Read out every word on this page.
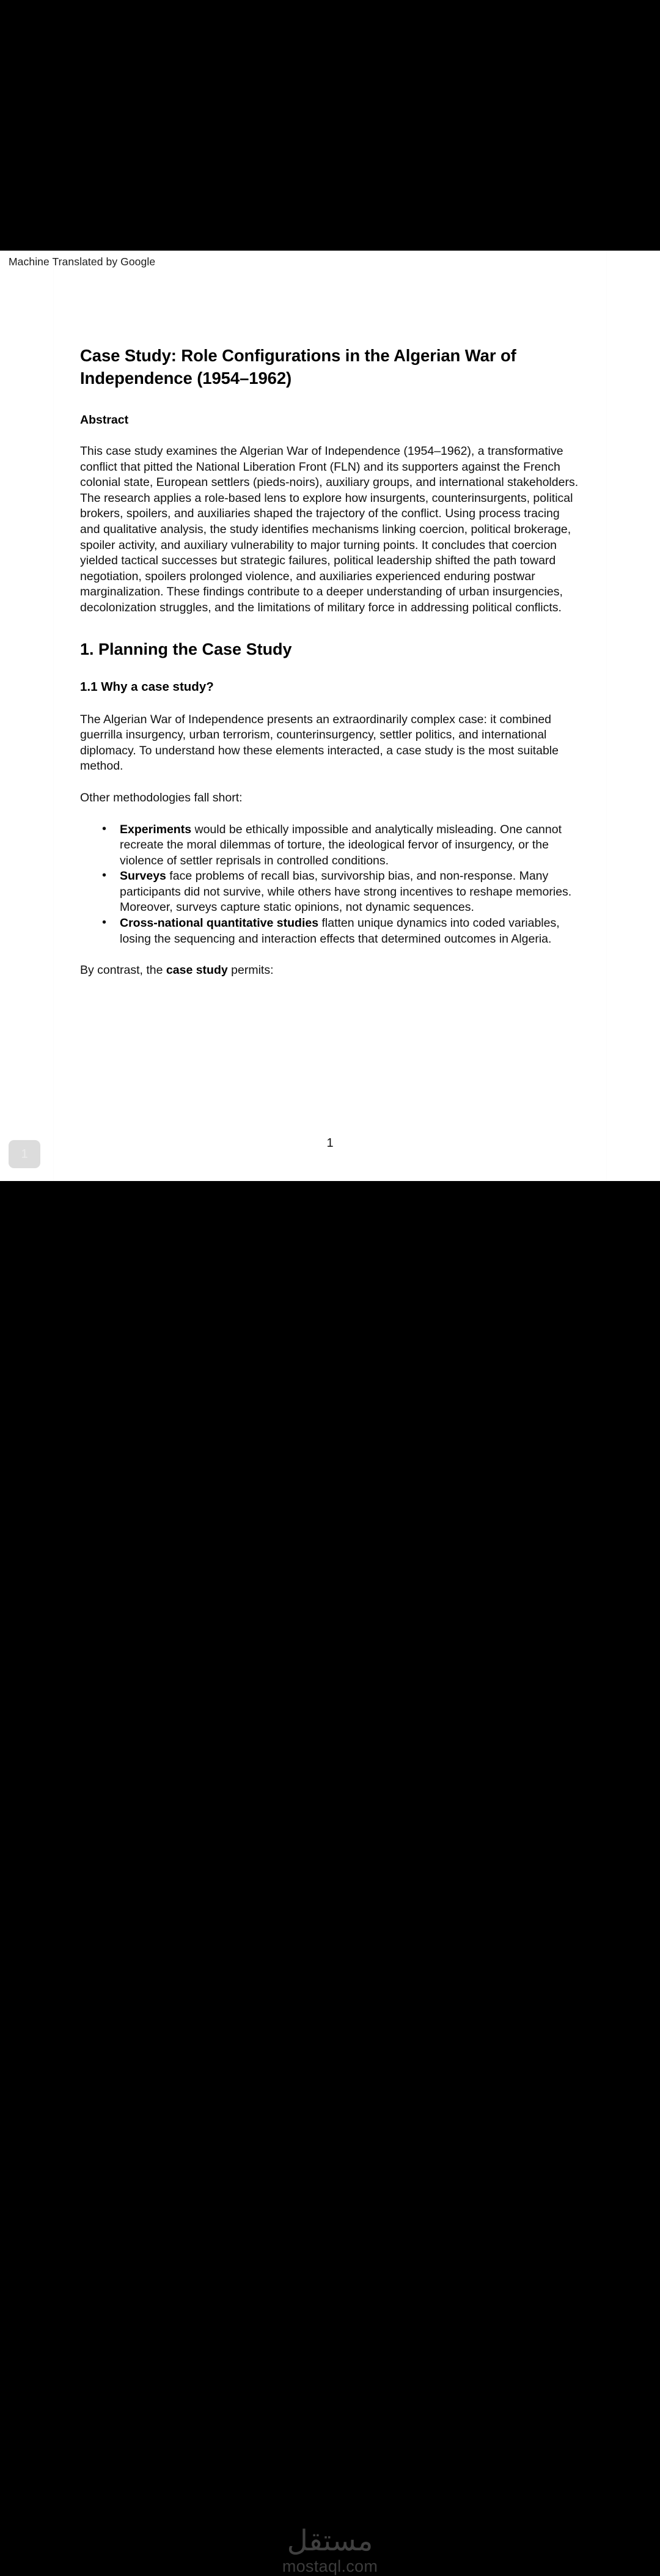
Machine Translated by Google
Case Study: Role Configurations in the Algerian War of Independence (1954–1962)
Abstract

This case study examines the Algerian War of Independence (1954–1962), a transformative conflict that pitted the National Liberation Front (FLN) and its supporters against the French colonial state, European settlers (pieds-noirs), auxiliary groups, and international stakeholders. The research applies a role-based lens to explore how insurgents, counterinsurgents, political brokers, spoilers, and auxiliaries shaped the trajectory of the conflict. Using process tracing and qualitative analysis, the study identifies mechanisms linking coercion, political brokerage, spoiler activity, and auxiliary vulnerability to major turning points. It concludes that coercion yielded tactical successes but strategic failures, political leadership shifted the path toward negotiation, spoilers prolonged violence, and auxiliaries experienced enduring postwar marginalization. These findings contribute to a deeper understanding of urban insurgencies, decolonization struggles, and the limitations of military force in addressing political conflicts.

1. Planning the Case Study
1.1 Why a case study?

The Algerian War of Independence presents an extraordinarily complex case: it combined guerrilla insurgency, urban terrorism, counterinsurgency, settler politics, and international diplomacy. To understand how these elements interacted, a case study is the most suitable method.

Other methodologies fall short:

• Experiments would be ethically impossible and analytically misleading. One cannot recreate the moral dilemmas of torture, the ideological fervor of insurgency, or the violence of settler reprisals in controlled conditions.
• Surveys face problems of recall bias, survivorship bias, and non-response. Many participants did not survive, while others have strong incentives to reshape memories. Moreover, surveys capture static opinions, not dynamic sequences.
• Cross-national quantitative studies flatten unique dynamics into coded variables, losing the sequencing and interaction effects that determined outcomes in Algeria.

By contrast, the case study permits:

1
1
مستقل
mostaql.com
